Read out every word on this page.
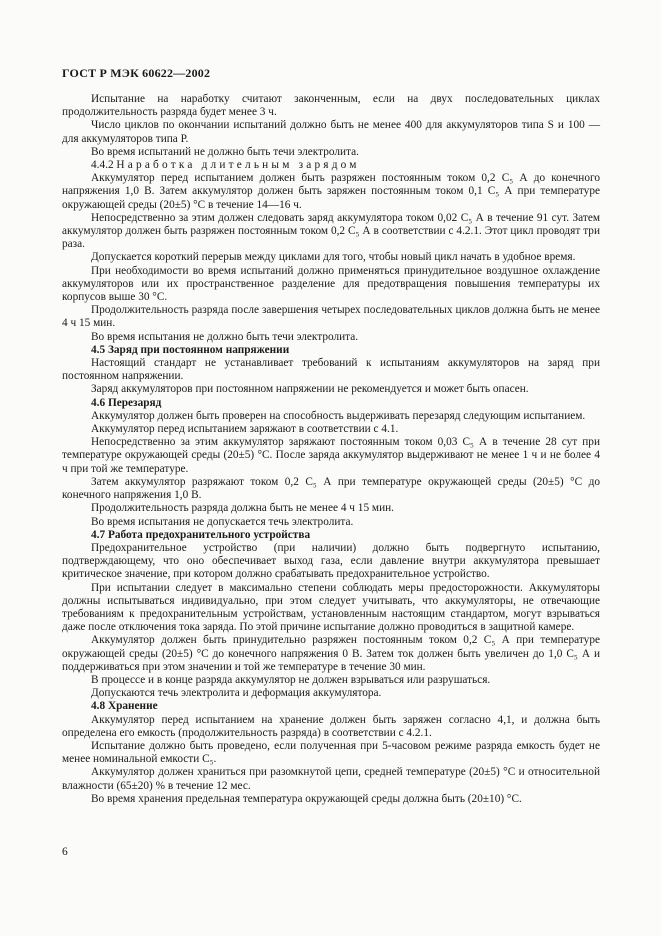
ГОСТ Р МЭК 60622—2002

Испытание на наработку считают законченным, если на двух последовательных циклах продолжительность разряда будет менее 3 ч.

Число циклов по окончании испытаний должно быть не менее 400 для аккумуляторов типа S и 100 — для аккумуляторов типа Р.

Во время испытаний не должно быть течи электролита.

4.4.2 Наработка длительным зарядом

Аккумулятор перед испытанием должен быть разряжен постоянным током 0,2 C₅ А до конечного напряжения 1,0 В. Затем аккумулятор должен быть заряжен постоянным током 0,1 C₅ А при температуре окружающей среды (20±5) °С в течение 14—16 ч.

Непосредственно за этим должен следовать заряд аккумулятора током 0,02 C₅ А в течение 91 сут. Затем аккумулятор должен быть разряжен постоянным током 0,2 C₅ А в соответствии с 4.2.1. Этот цикл проводят три раза.

Допускается короткий перерыв между циклами для того, чтобы новый цикл начать в удобное время.

При необходимости во время испытаний должно применяться принудительное воздушное охлаждение аккумуляторов или их пространственное разделение для предотвращения повышения температуры их корпусов выше 30 °С.

Продолжительность разряда после завершения четырех последовательных циклов должна быть не менее 4 ч 15 мин.

Во время испытания не должно быть течи электролита.

4.5 Заряд при постоянном напряжении

Настоящий стандарт не устанавливает требований к испытаниям аккумуляторов на заряд при постоянном напряжении.

Заряд аккумуляторов при постоянном напряжении не рекомендуется и может быть опасен.

4.6 Перезаряд

Аккумулятор должен быть проверен на способность выдерживать перезаряд следующим испытанием.

Аккумулятор перед испытанием заряжают в соответствии с 4.1.

Непосредственно за этим аккумулятор заряжают постоянным током 0,03 C₅ А в течение 28 сут при температуре окружающей среды (20±5) °С. После заряда аккумулятор выдерживают не менее 1 ч и не более 4 ч при той же температуре.

Затем аккумулятор разряжают током 0,2 C₅ А при температуре окружающей среды (20±5) °С до конечного напряжения 1,0 В.

Продолжительность разряда должна быть не менее 4 ч 15 мин.

Во время испытания не допускается течь электролита.

4.7 Работа предохранительного устройства

Предохранительное устройство (при наличии) должно быть подвергнуто испытанию, подтверждающему, что оно обеспечивает выход газа, если давление внутри аккумулятора превышает критическое значение, при котором должно срабатывать предохранительное устройство.

При испытании следует в максимально степени соблюдать меры предосторожности. Аккумуляторы должны испытываться индивидуально, при этом следует учитывать, что аккумуляторы, не отвечающие требованиям к предохранительным устройствам, установленным настоящим стандартом, могут взрываться даже после отключения тока заряда. По этой причине испытание должно проводиться в защитной камере.

Аккумулятор должен быть принудительно разряжен постоянным током 0,2 C₅ А при температуре окружающей среды (20±5) °С до конечного напряжения 0 В. Затем ток должен быть увеличен до 1,0 C₅ А и поддерживаться при этом значении и той же температуре в течение 30 мин.

В процессе и в конце разряда аккумулятор не должен взрываться или разрушаться.

Допускаются течь электролита и деформация аккумулятора.

4.8 Хранение

Аккумулятор перед испытанием на хранение должен быть заряжен согласно 4,1, и должна быть определена его емкость (продолжительность разряда) в соответствии с 4.2.1.

Испытание должно быть проведено, если полученная при 5-часовом режиме разряда емкость будет не менее номинальной емкости C₅.

Аккумулятор должен храниться при разомкнутой цепи, средней температуре (20±5) °С и относительной влажности (65±20) % в течение 12 мес.

Во время хранения предельная температура окружающей среды должна быть (20±10) °С.

6
